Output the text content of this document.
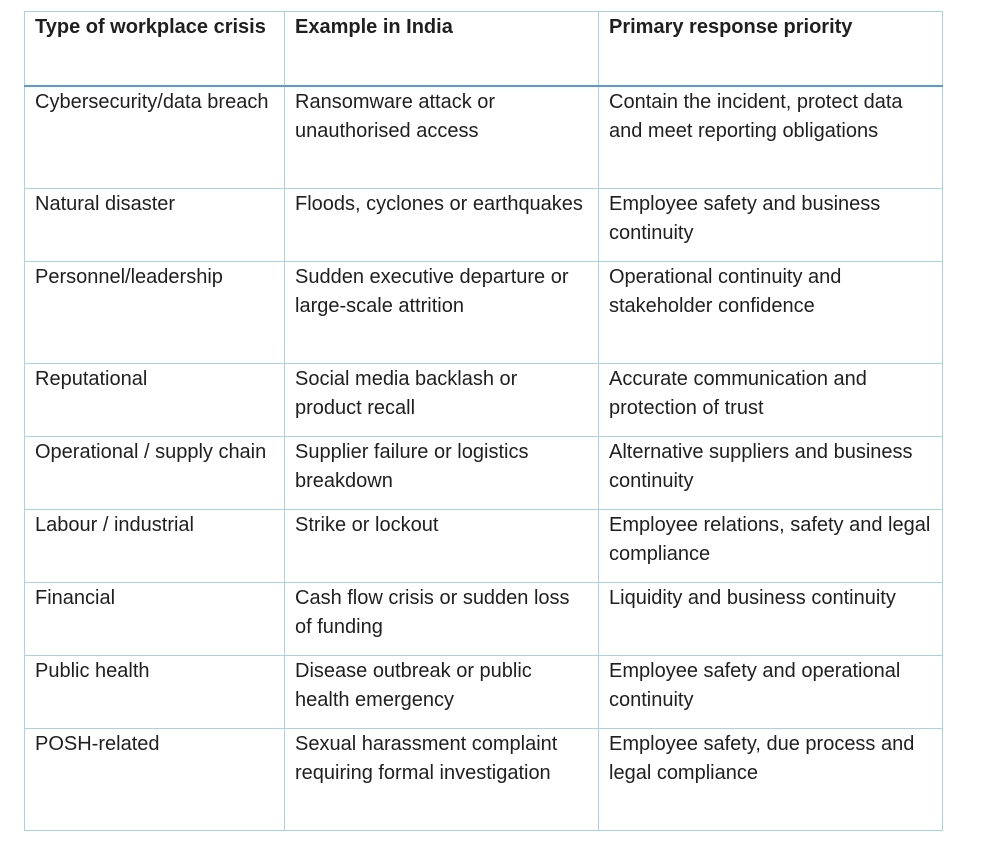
Type of workplace crisis	Example in India	Primary response priority
Cybersecurity/data breach	Ransomware attack or unauthorised access	Contain the incident, protect data and meet reporting obligations
Natural disaster	Floods, cyclones or earthquakes	Employee safety and business continuity
Personnel/leadership	Sudden executive departure or large-scale attrition	Operational continuity and stakeholder confidence
Reputational	Social media backlash or product recall	Accurate communication and protection of trust
Operational / supply chain	Supplier failure or logistics breakdown	Alternative suppliers and business continuity
Labour / industrial	Strike or lockout	Employee relations, safety and legal compliance
Financial	Cash flow crisis or sudden loss of funding	Liquidity and business continuity
Public health	Disease outbreak or public health emergency	Employee safety and operational continuity
POSH-related	Sexual harassment complaint requiring formal investigation	Employee safety, due process and legal compliance
